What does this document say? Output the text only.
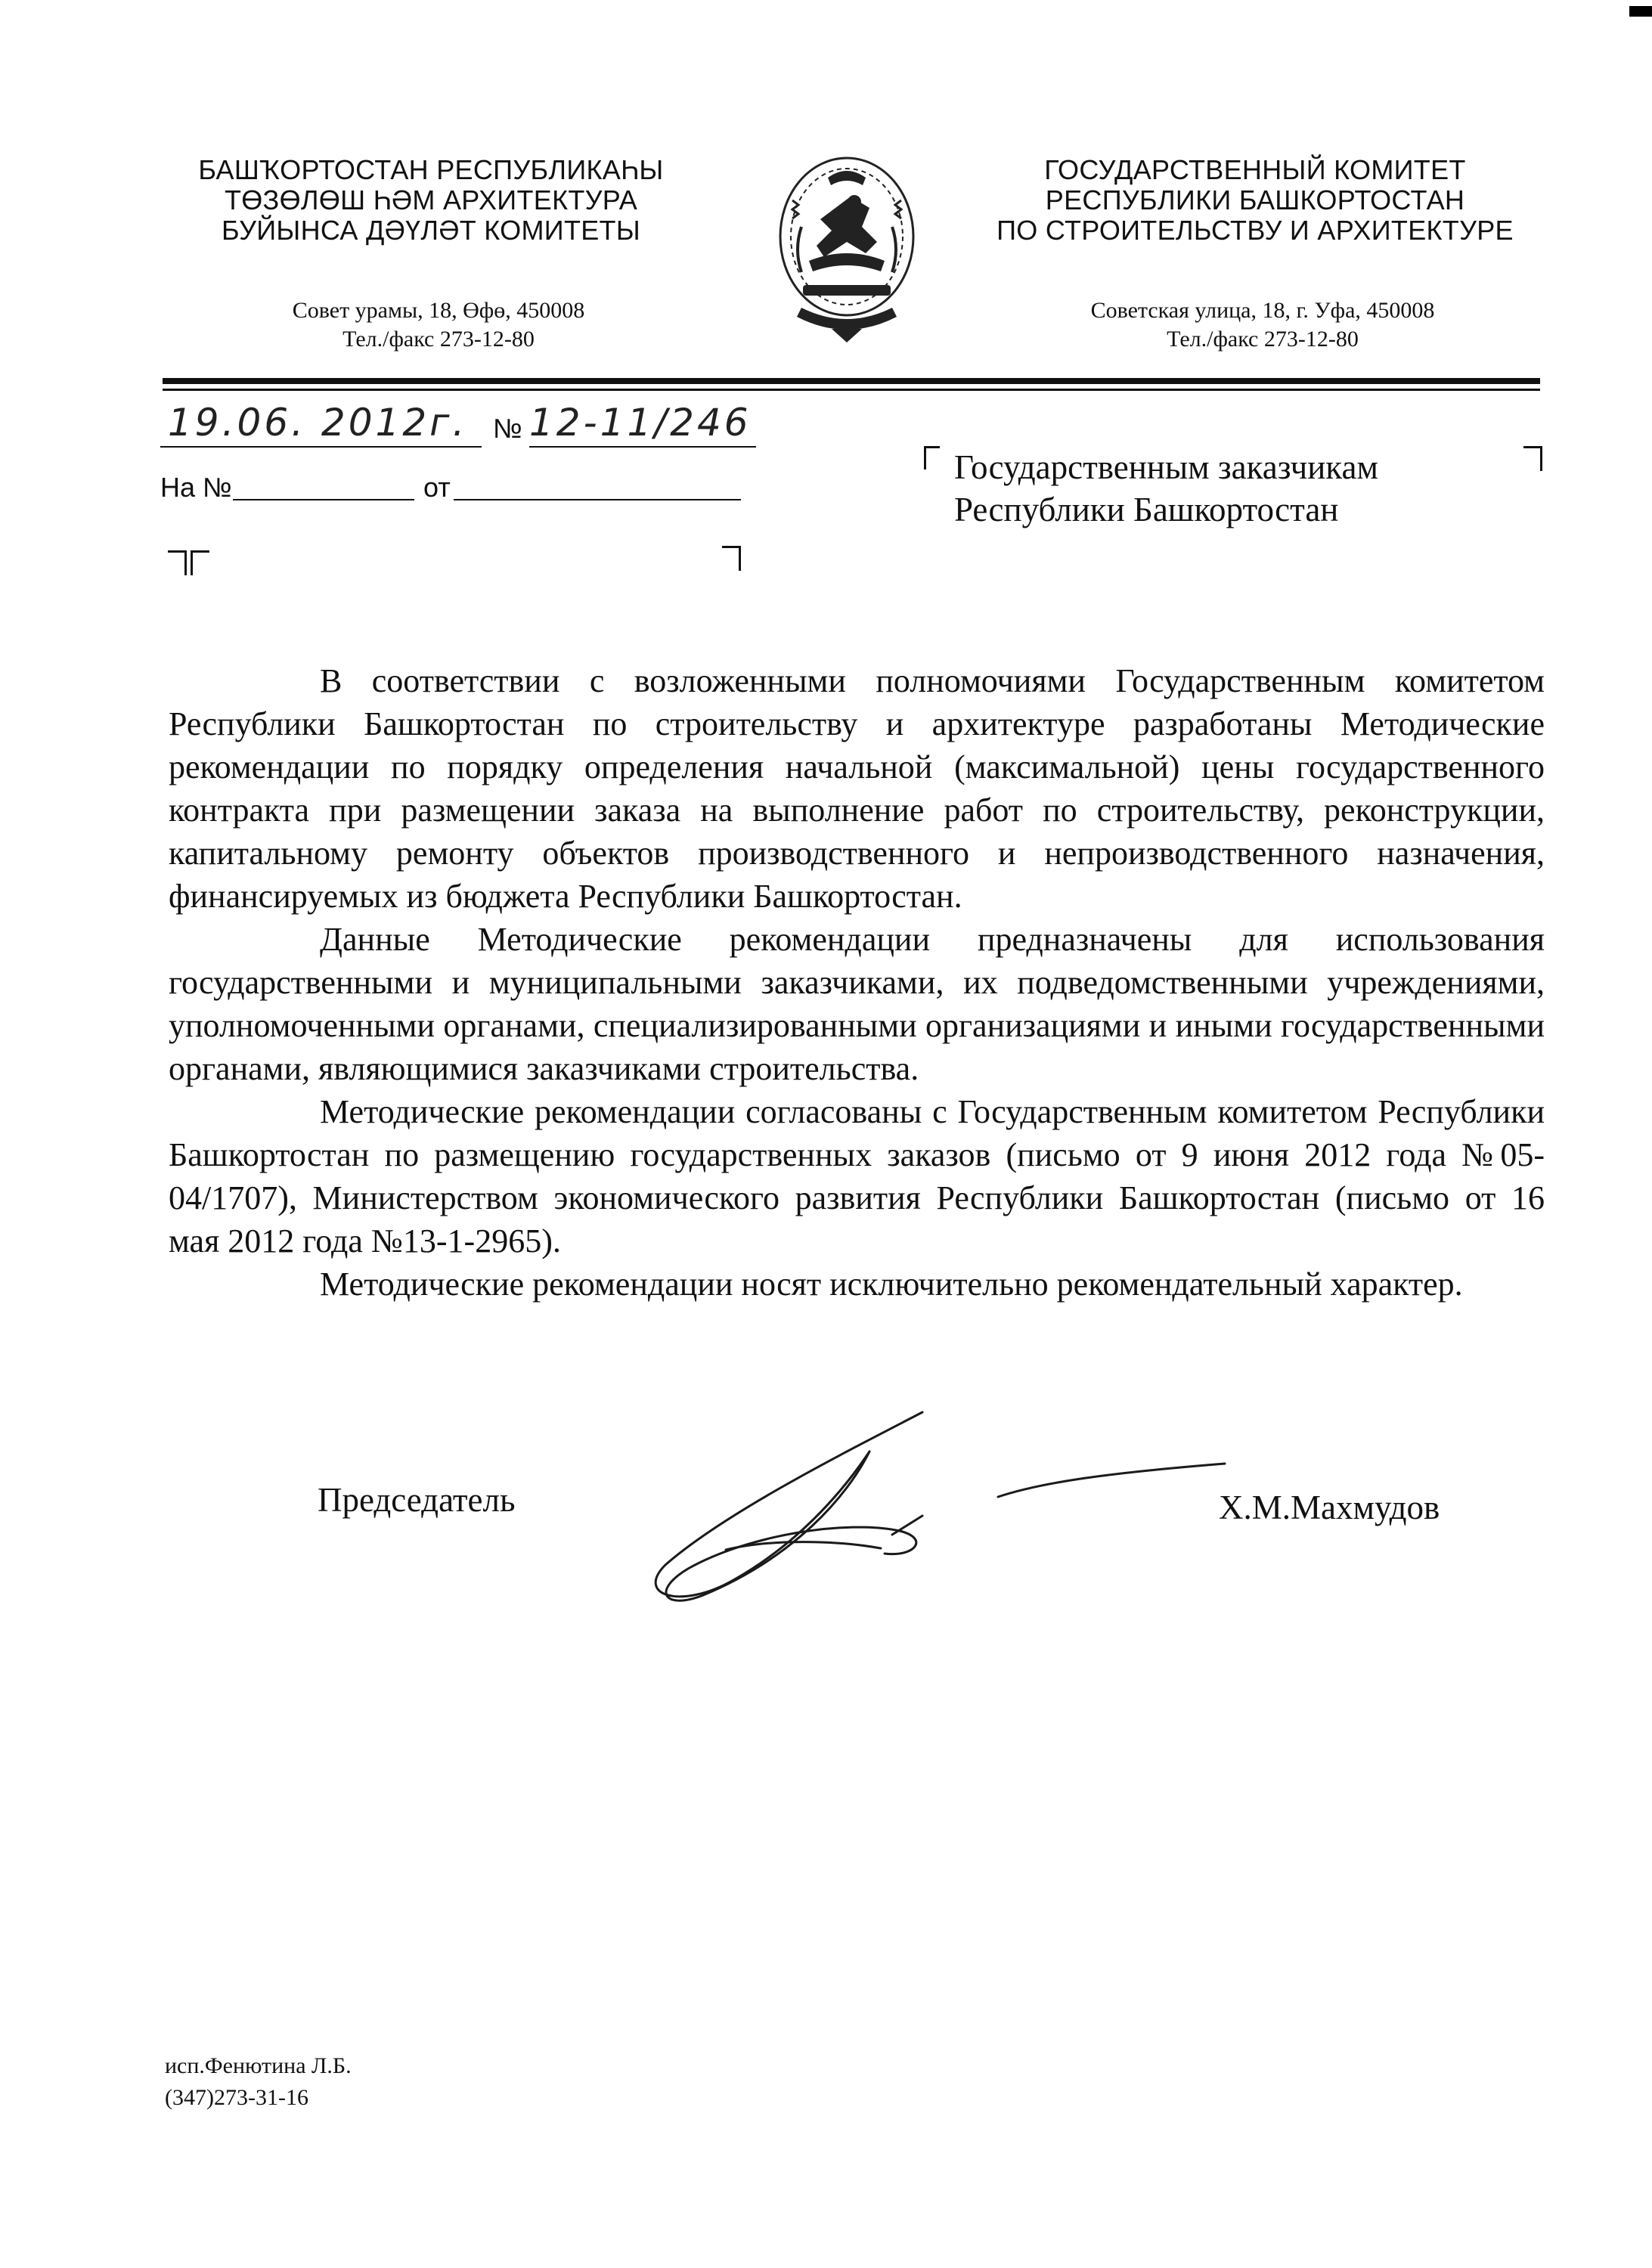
БАШҠОРТОСТАН РЕСПУБЛИКАҺЫ
ТӨЗӨЛӨШ ҺӘМ АРХИТЕКТУРА
БУЙЫНСА ДӘҮЛӘТ КОМИТЕТЫ
ГОСУДАРСТВЕННЫЙ КОМИТЕТ
РЕСПУБЛИКИ БАШКОРТОСТАН
ПО СТРОИТЕЛЬСТВУ И АРХИТЕКТУРЕ
Совет урамы, 18, Өфө, 450008
Тел./факс 273-12-80
Советская улица, 18, г. Уфа, 450008
Тел./факс 273-12-80
19.06. 2012г. № 12-11/246
На №	от
Государственным заказчикам
Республики Башкортостан

В соответствии с возложенными полномочиями Государственным комитетом Республики Башкортостан по строительству и архитектуре разработаны Методические рекомендации по порядку определения начальной (максимальной) цены государственного контракта при размещении заказа на выполнение работ по строительству, реконструкции, капитальному ремонту объектов производственного и непроизводственного назначения, финансируемых из бюджета Республики Башкортостан.

Данные Методические рекомендации предназначены для использования государственными и муниципальными заказчиками, их подведомственными учреждениями, уполномоченными органами, специализированными организациями и иными государственными органами, являющимися заказчиками строительства.

Методические рекомендации согласованы с Государственным комитетом Республики Башкортостан по размещению государственных заказов (письмо от 9 июня 2012 года №05-04/1707), Министерством экономического развития Республики Башкортостан (письмо от 16 мая 2012 года №13-1-2965).

Методические рекомендации носят исключительно рекомендательный характер.

Председатель	Х.М.Махмудов
исп.Фенютина Л.Б.
(347)273-31-16
